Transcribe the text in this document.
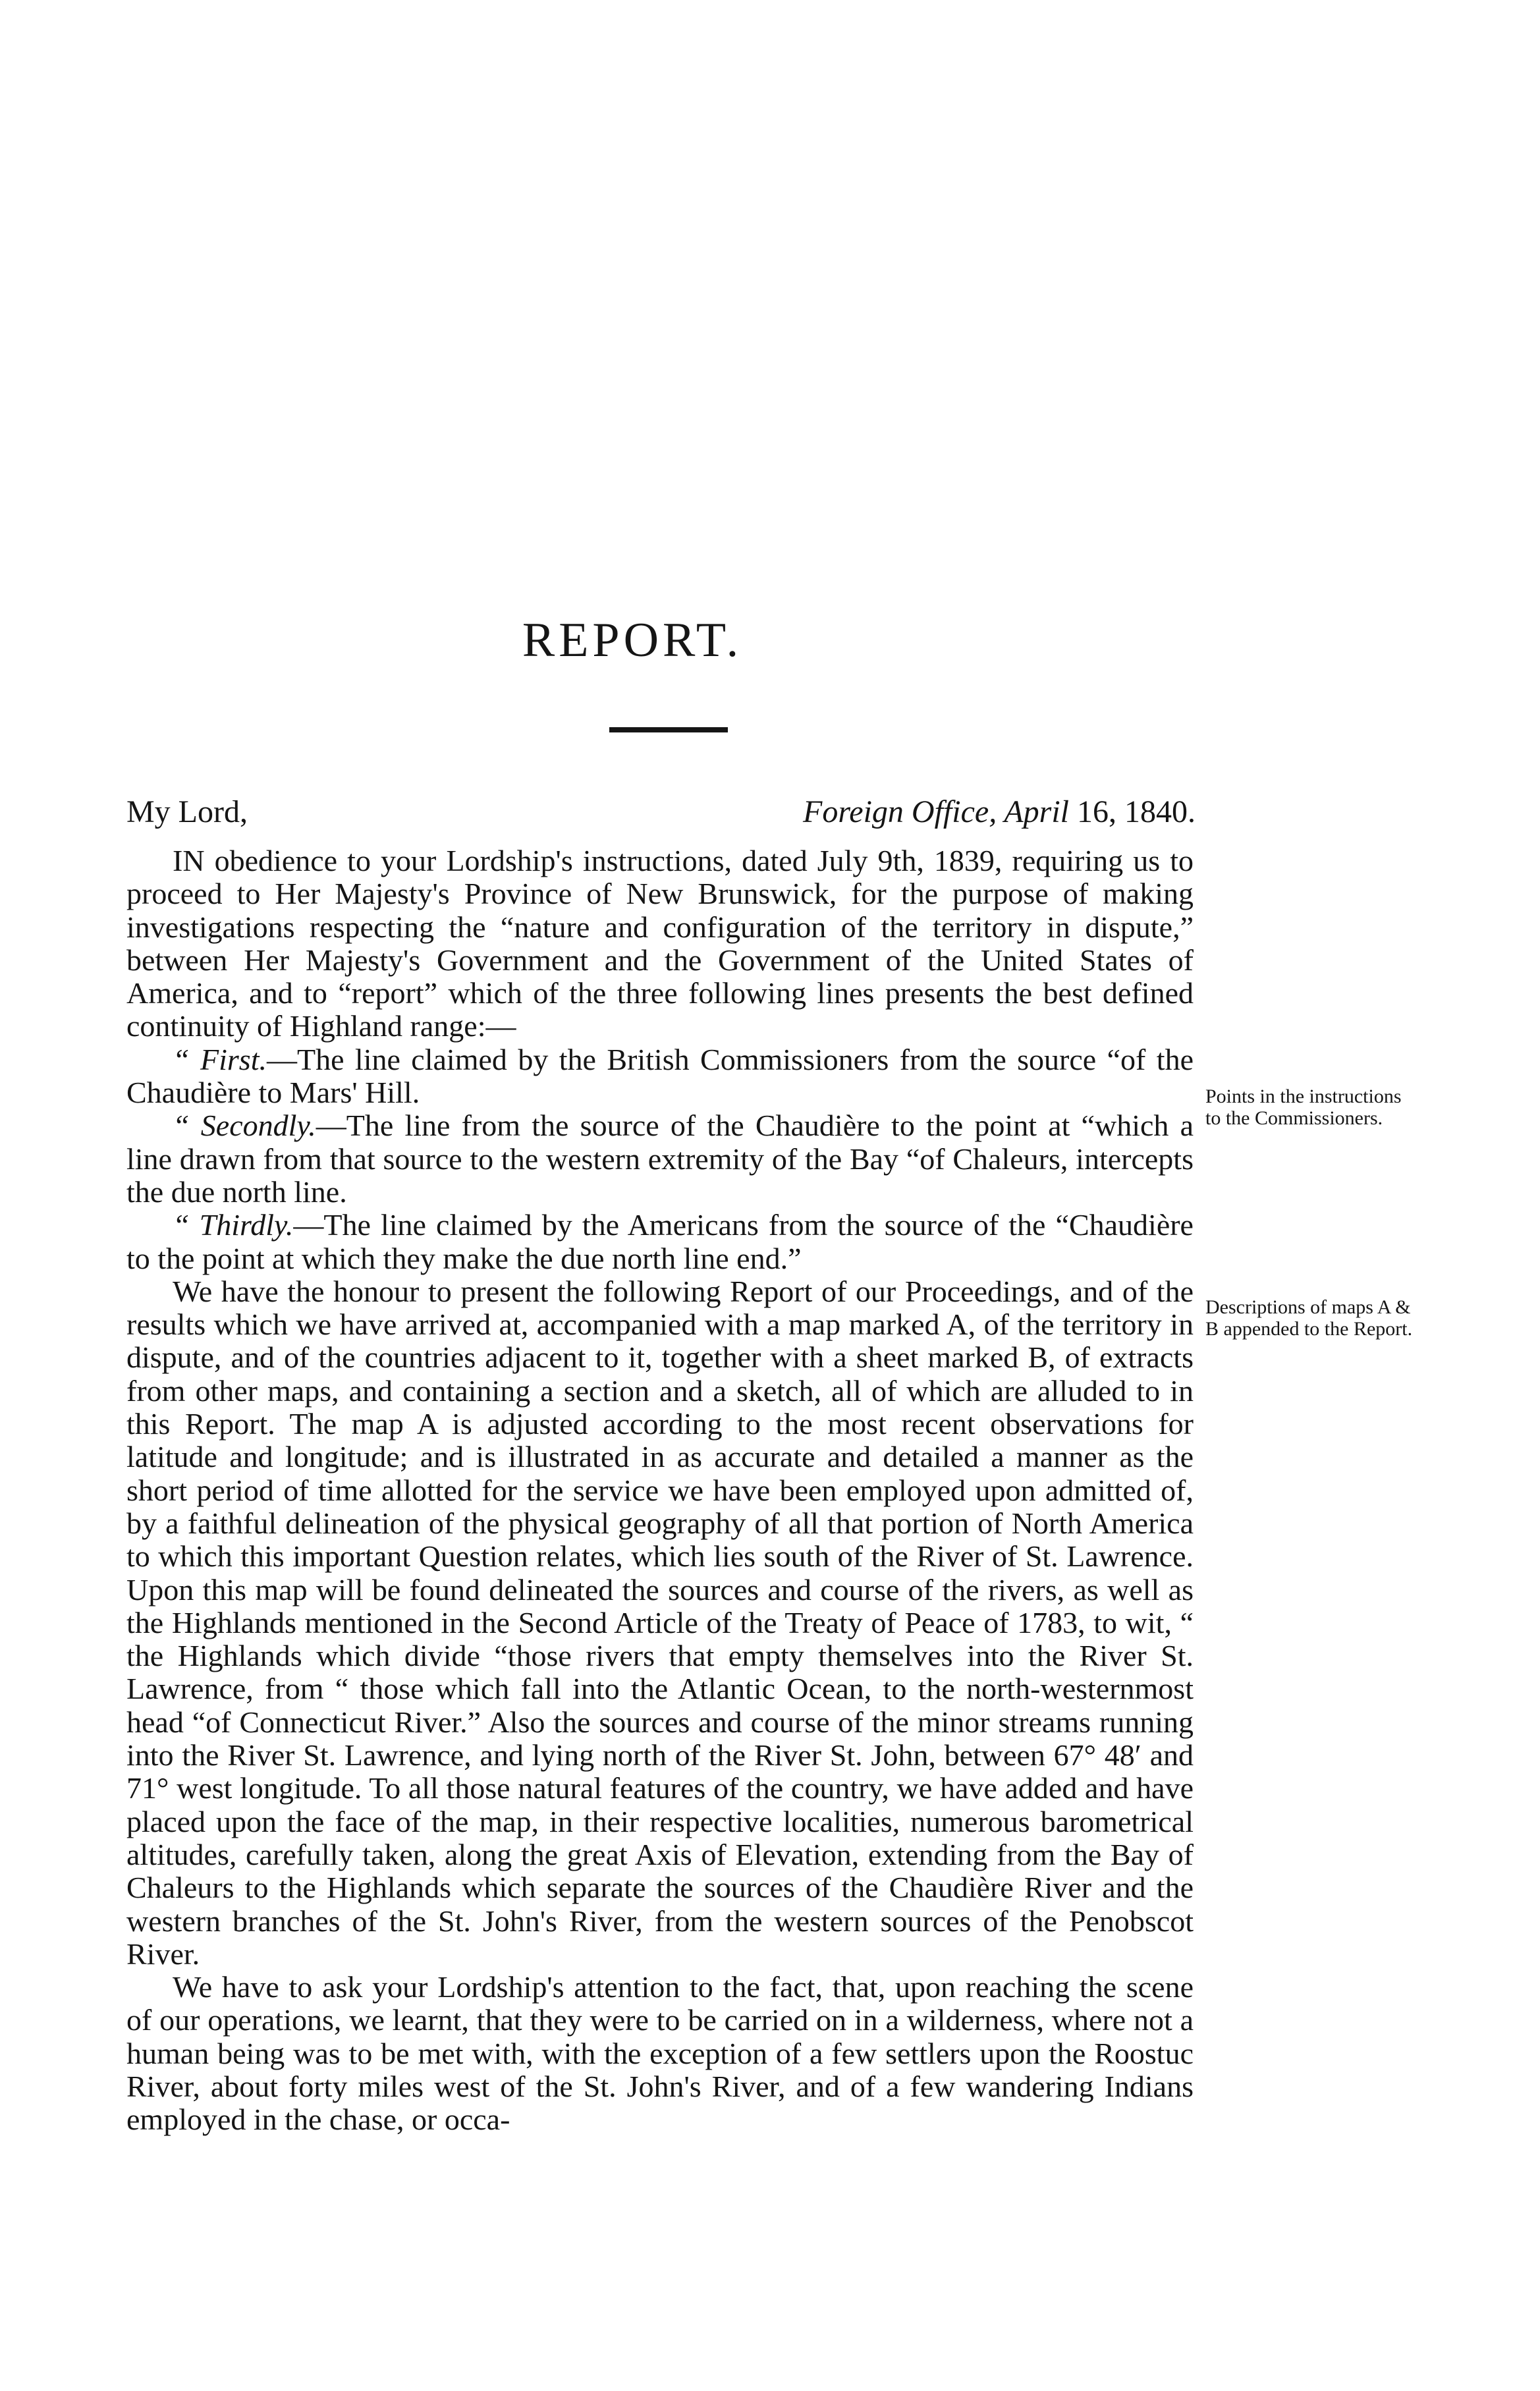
REPORT.
My Lord,	Foreign Office, April 16, 1840.

IN obedience to your Lordship's instructions, dated July 9th, 1839, requiring us to proceed to Her Majesty's Province of New Brunswick, for the purpose of making investigations respecting the “nature and configuration of the territory in dispute,” between Her Majesty's Government and the Government of the United States of America, and to “report” which of the three following lines presents the best defined continuity of Highland range:—

“ First.—The line claimed by the British Commissioners from the source “of the Chaudière to Mars' Hill.

“ Secondly.—The line from the source of the Chaudière to the point at “which a line drawn from that source to the western extremity of the Bay “of Chaleurs, intercepts the due north line.

“ Thirdly.—The line claimed by the Americans from the source of the “Chaudière to the point at which they make the due north line end.”

We have the honour to present the following Report of our Proceedings, and of the results which we have arrived at, accompanied with a map marked A, of the territory in dispute, and of the countries adjacent to it, together with a sheet marked B, of extracts from other maps, and containing a section and a sketch, all of which are alluded to in this Report. The map A is adjusted according to the most recent observations for latitude and longitude; and is illustrated in as accurate and detailed a manner as the short period of time allotted for the service we have been employed upon admitted of, by a faithful delineation of the physical geography of all that portion of North America to which this important Question relates, which lies south of the River of St. Lawrence. Upon this map will be found delineated the sources and course of the rivers, as well as the Highlands mentioned in the Second Article of the Treaty of Peace of 1783, to wit, “ the Highlands which divide “those rivers that empty themselves into the River St. Lawrence, from “ those which fall into the Atlantic Ocean, to the north-westernmost head “of Connecticut River.” Also the sources and course of the minor streams running into the River St. Lawrence, and lying north of the River St. John, between 67° 48′ and 71° west longitude. To all those natural features of the country, we have added and have placed upon the face of the map, in their respective localities, numerous barometrical altitudes, carefully taken, along the great Axis of Elevation, extending from the Bay of Chaleurs to the Highlands which separate the sources of the Chaudière River and the western branches of the St. John's River, from the western sources of the Penobscot River.

We have to ask your Lordship's attention to the fact, that, upon reaching the scene of our operations, we learnt, that they were to be carried on in a wilderness, where not a human being was to be met with, with the exception of a few settlers upon the Roostuc River, about forty miles west of the St. John's River, and of a few wandering Indians employed in the chase, or occa-

Points in the instructions to the Commissioners.
Descriptions of maps A & B appended to the Report.
